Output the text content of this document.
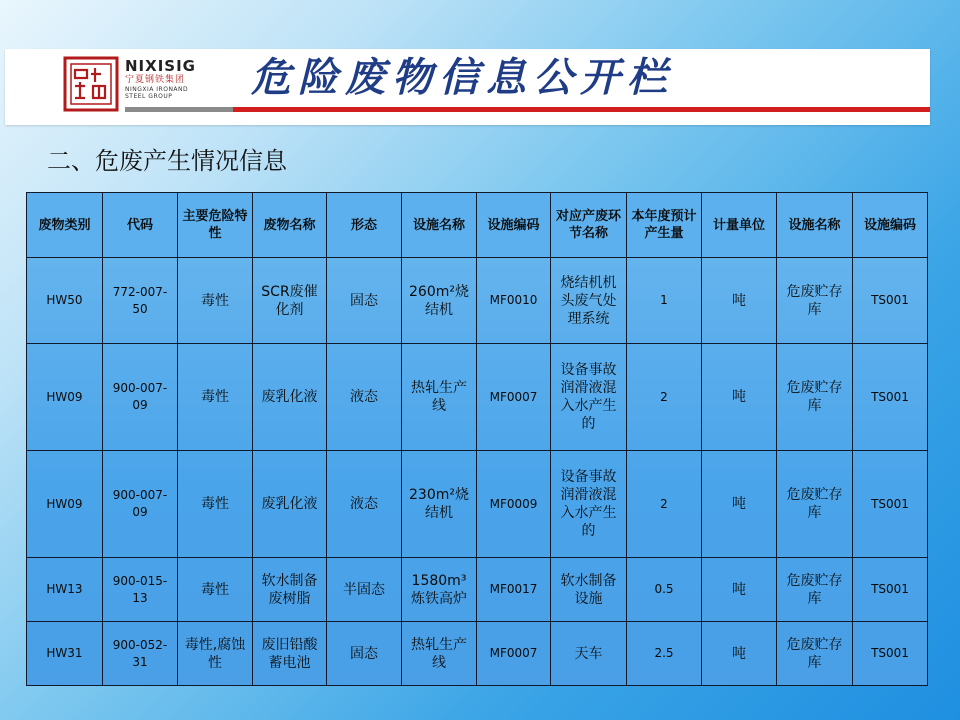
NIXISIG
宁夏钢铁集团
NINGXIA IRONAND
STEEL GROUP	危险废物信息公开栏
二、危废产生情况信息
废物类别	代码	主要危险特性	废物名称	形态	设施名称	设施编码	对应产废环节名称	本年度预计产生量	计量单位	设施名称	设施编码
HW50	772-007-50	毒性	SCR废催化剂	固态	260m²烧结机	MF0010	烧结机机头废气处理系统	1	吨	危废贮存库	TS001
HW09	900-007-09	毒性	废乳化液	液态	热轧生产线	MF0007	设备事故润滑液混入水产生的	2	吨	危废贮存库	TS001
HW09	900-007-09	毒性	废乳化液	液态	230m²烧结机	MF0009	设备事故润滑液混入水产生的	2	吨	危废贮存库	TS001
HW13	900-015-13	毒性	软水制备废树脂	半固态	1580m³炼铁高炉	MF0017	软水制备设施	0.5	吨	危废贮存库	TS001
HW31	900-052-31	毒性,腐蚀性	废旧铅酸蓄电池	固态	热轧生产线	MF0007	天车	2.5	吨	危废贮存库	TS001
